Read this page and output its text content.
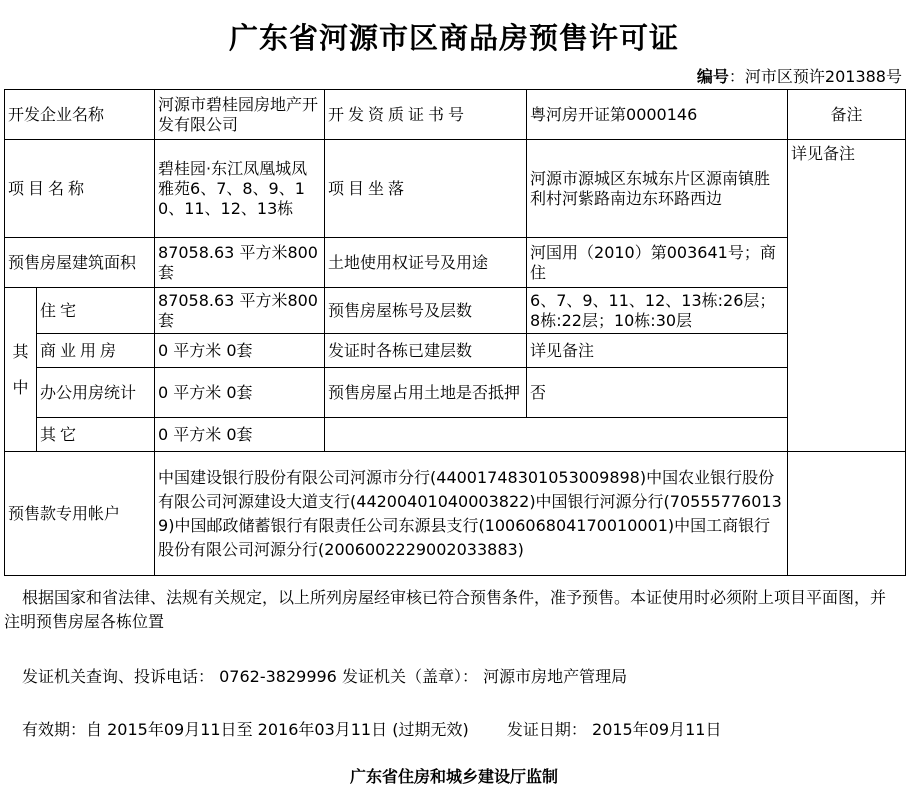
广东省河源市区商品房预售许可证
编号：河市区预许201388号
开发企业名称		河源市碧桂园房地产开发有限公司	开发资质证书号	粤河房开证第0000146	备注
项目名称		碧桂园·东江凤凰城凤雅苑6、7、8、9、10、11、12、13栋	项目坐落	河源市源城区东城东片区源南镇胜利村河紫路南边东环路西边	详见备注
预售房屋建筑面积		87058.63 平方米800套	土地使用权证号及用途	河国用（2010）第003641号；商住	

其
中	住宅	87058.63 平方米800套	预售房屋栋号及层数	6、7、9、11、12、13栋:26层；8栋:22层；10栋:30层	
	商业用房	0 平方米 0套	发证时各栋已建层数	详见备注	
	办公用房统计	0 平方米 0套	预售房屋占用土地是否抵押	否	
	其它	0 平方米 0套			
预售款专用帐户		中国建设银行股份有限公司河源市分行(44001748301053009898)中国农业银行股份有限公司河源建设大道支行(44200401040003822)中国银行河源分行(705557760139)中国邮政储蓄银行有限责任公司东源县支行(100606804170010001)中国工商银行股份有限公司河源分行(2006002229002033883)			
根据国家和省法律、法规有关规定，以上所列房屋经审核已符合预售条件，准予预售。本证使用时必须附上项目平面图，并注明预售房屋各栋位置
发证机关查询、投诉电话： 0762-3829996 发证机关（盖章）： 河源市房地产管理局
有效期：自 2015年09月11日至 2016年03月11日 (过期无效) 发证日期： 2015年09月11日
广东省住房和城乡建设厅监制
